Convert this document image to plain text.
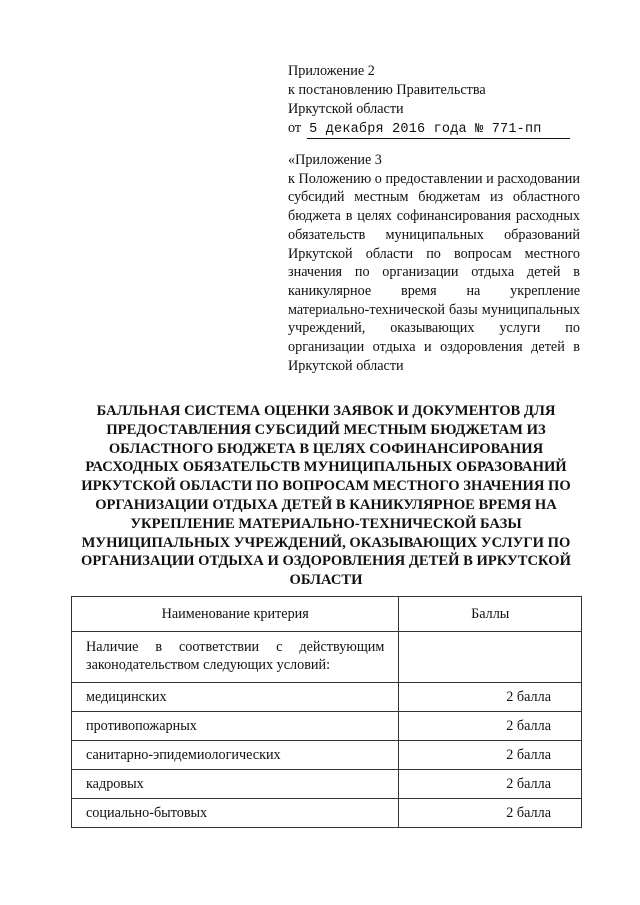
Приложение 2
к постановлению Правительства
Иркутской области
от 5 декабря 2016 года № 771-пп
«Приложение 3
к Положению о предоставлении и расходовании субсидий местным бюджетам из областного бюджета в целях софинансирования расходных обязательств муниципальных образований Иркутской области по вопросам местного значения по организации отдыха детей в каникулярное время на укрепление материально-технической базы муниципальных учреждений, оказывающих услуги по организации отдыха и оздоровления детей в Иркутской области
БАЛЛЬНАЯ СИСТЕМА ОЦЕНКИ ЗАЯВОК И ДОКУМЕНТОВ ДЛЯ ПРЕДОСТАВЛЕНИЯ СУБСИДИЙ МЕСТНЫМ БЮДЖЕТАМ ИЗ ОБЛАСТНОГО БЮДЖЕТА В ЦЕЛЯХ СОФИНАНСИРОВАНИЯ РАСХОДНЫХ ОБЯЗАТЕЛЬСТВ МУНИЦИПАЛЬНЫХ ОБРАЗОВАНИЙ ИРКУТСКОЙ ОБЛАСТИ ПО ВОПРОСАМ МЕСТНОГО ЗНАЧЕНИЯ ПО ОРГАНИЗАЦИИ ОТДЫХА ДЕТЕЙ В КАНИКУЛЯРНОЕ ВРЕМЯ НА УКРЕПЛЕНИЕ МАТЕРИАЛЬНО-ТЕХНИЧЕСКОЙ БАЗЫ МУНИЦИПАЛЬНЫХ УЧРЕЖДЕНИЙ, ОКАЗЫВАЮЩИХ УСЛУГИ ПО ОРГАНИЗАЦИИ ОТДЫХА И ОЗДОРОВЛЕНИЯ ДЕТЕЙ В ИРКУТСКОЙ ОБЛАСТИ
Наименование критерия	Баллы
Наличие в соответствии с действующим законодательством следующих условий:	
медицинских	2 балла
противопожарных	2 балла
санитарно-эпидемиологических	2 балла
кадровых	2 балла
социально-бытовых	2 балла
